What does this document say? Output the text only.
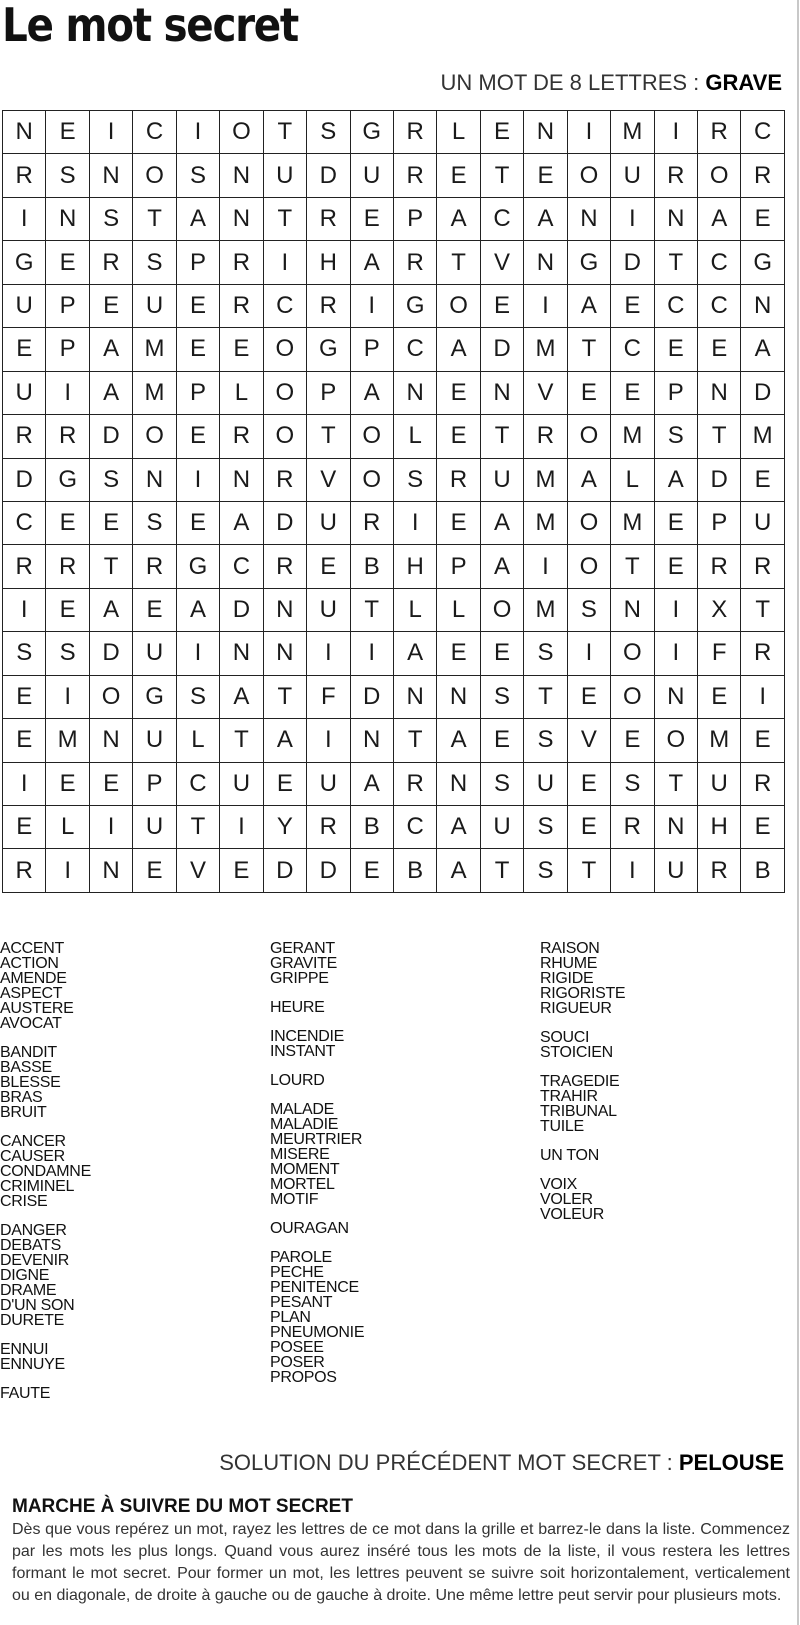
Le mot secret
UN MOT DE 8 LETTRES : GRAVE
N	E	I	C	I	O	T	S	G	R	L	E	N	I	M	I	R	C
R	S	N	O	S	N	U	D	U	R	E	T	E	O	U	R	O	R
I	N	S	T	A	N	T	R	E	P	A	C	A	N	I	N	A	E
G	E	R	S	P	R	I	H	A	R	T	V	N	G	D	T	C	G
U	P	E	U	E	R	C	R	I	G	O	E	I	A	E	C	C	N
E	P	A	M	E	E	O	G	P	C	A	D	M	T	C	E	E	A
U	I	A	M	P	L	O	P	A	N	E	N	V	E	E	P	N	D
R	R	D	O	E	R	O	T	O	L	E	T	R	O	M	S	T	M
D	G	S	N	I	N	R	V	O	S	R	U	M	A	L	A	D	E
C	E	E	S	E	A	D	U	R	I	E	A	M	O	M	E	P	U
R	R	T	R	G	C	R	E	B	H	P	A	I	O	T	E	R	R
I	E	A	E	A	D	N	U	T	L	L	O	M	S	N	I	X	T
S	S	D	U	I	N	N	I	I	A	E	E	S	I	O	I	F	R
E	I	O	G	S	A	T	F	D	N	N	S	T	E	O	N	E	I
E	M	N	U	L	T	A	I	N	T	A	E	S	V	E	O	M	E
I	E	E	P	C	U	E	U	A	R	N	S	U	E	S	T	U	R
E	L	I	U	T	I	Y	R	B	C	A	U	S	E	R	N	H	E
R	I	N	E	V	E	D	D	E	B	A	T	S	T	I	U	R	B
ACCENT
ACTION
AMENDE
ASPECT
AUSTERE
AVOCAT
BANDIT
BASSE
BLESSE
BRAS
BRUIT
CANCER
CAUSER
CONDAMNE
CRIMINEL
CRISE
DANGER
DEBATS
DEVENIR
DIGNE
DRAME
D'UN SON
DURETE
ENNUI
ENNUYE
FAUTE
GERANT
GRAVITE
GRIPPE
HEURE
INCENDIE
INSTANT
LOURD
MALADE
MALADIE
MEURTRIER
MISERE
MOMENT
MORTEL
MOTIF
OURAGAN
PAROLE
PECHE
PENITENCE
PESANT
PLAN
PNEUMONIE
POSEE
POSER
PROPOS
RAISON
RHUME
RIGIDE
RIGORISTE
RIGUEUR
SOUCI
STOICIEN
TRAGEDIE
TRAHIR
TRIBUNAL
TUILE
UN TON
VOIX
VOLER
VOLEUR
SOLUTION DU PRÉCÉDENT MOT SECRET : PELOUSE
MARCHE À SUIVRE DU MOT SECRET

Dès que vous repérez un mot, rayez les lettres de ce mot dans la grille et barrez-le dans la liste. Commencez par les mots les plus longs. Quand vous aurez inséré tous les mots de la liste, il vous restera les lettres formant le mot secret. Pour former un mot, les lettres peuvent se suivre soit horizontalement, verticalement ou en diagonale, de droite à gauche ou de gauche à droite. Une même lettre peut servir pour plusieurs mots.
